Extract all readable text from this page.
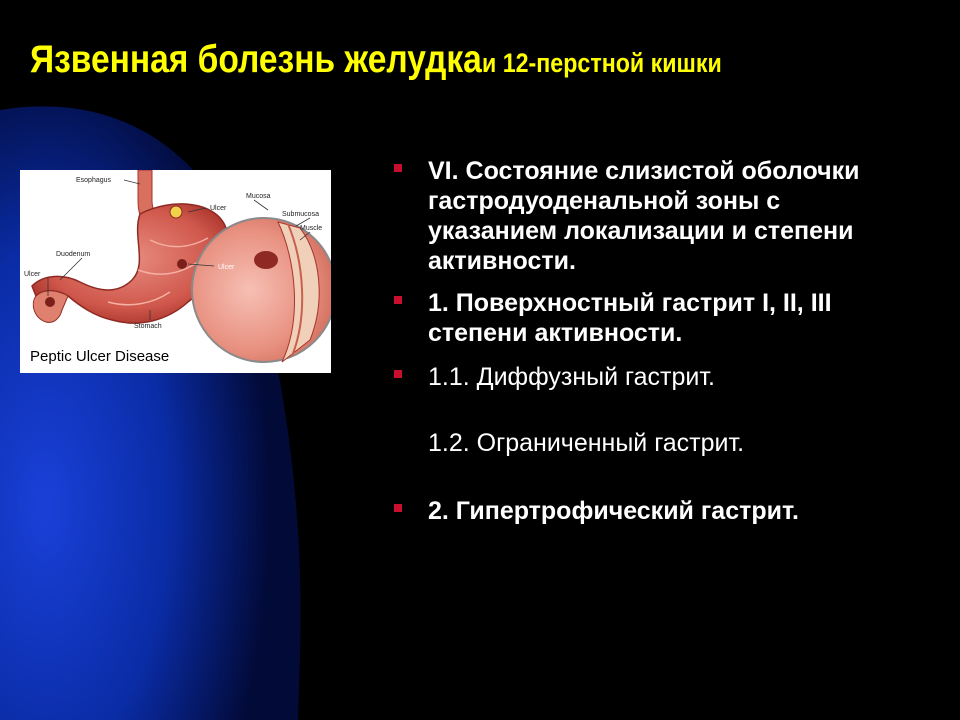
Язвенная болезнь желудка и 12-перстной кишки
Esophagus
Ulcer
Mucosa
Submucosa
Muscle
Duodenum
Ulcer
Ulcer
Stomach
Peptic Ulcer Disease
VI. Состояние слизистой оболочки гастродуоденальной зоны с указанием локализации и степени активности.
1. Поверхностный гастрит I, II, III степени активности.
1.1. Диффузный гастрит.
1.2. Ограниченный гастрит.
2. Гипертрофический гастрит.
